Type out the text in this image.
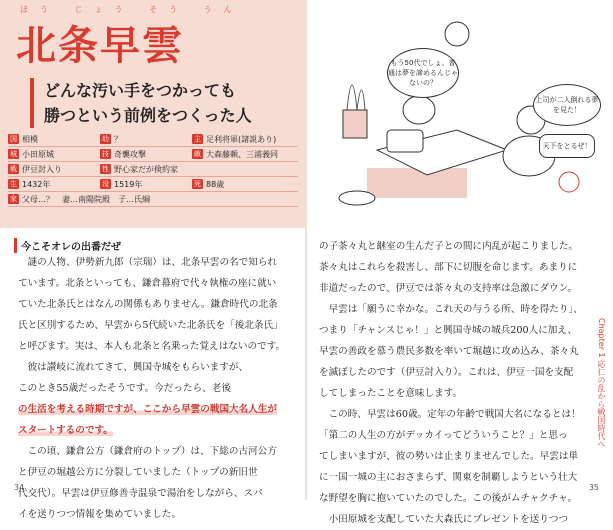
ほう じょう そう うん
北条早雲
どんな汚い手をつかっても
勝つという前例をつくった人
国 相模	幼 ？	主 足利将軍(諸説あり)
城 小田原城	技 奇襲攻撃	敵 大森藤頼、三浦義同
戦 伊豆討入り	性 野心家だが倹約家
生 1432年	没 1519年	死 88歳
家 父母…？　妻…南陽院殿　子…氏綱
今こそオレの出番だぜ

　謎の人物、伊勢新九郎（宗瑞）は、北条早雲の名で知られ

ています。北条といっても、鎌倉幕府で代々執権の座に就い

ていた北条氏とはなんの関係もありません。鎌倉時代の北条

氏と区別するため、早雲から5代続いた北条氏を「後北条氏」

と呼びます。実は、本人も北条と名乗った覚えはないのです。

　彼は讃岐に流れてきて、興国寺城をもらいますが、

このとき55歳だったそうです。今だったら、老後

の生活を考える時期ですが、ここから早雲の戦国大名人生が

スタートするのです。

　この頃、鎌倉公方（鎌倉府のトップ）は、下総の古河公方

と伊豆の堀越公方に分裂していました（トップの新旧世

代交代）。早雲は伊豆修善寺温泉で湯治をしながら、スパ

イを送りつつ情報を集めていました。

34
もう50代でしょ。普通は夢を諦めるんじゃないの？
上司が二人倒れる夢を見た！
天下をとるぜ！

の子茶々丸と継室の生んだ子との間に内乱が起こりました。

茶々丸はこれらを殺害し、部下に切腹を命じます。あまりに

非道だったので、伊豆では茶々丸の支持率は急激にダウン。

　早雲は「願うに幸かな。これ天の与うる所、時を得たり」、

つまり「チャンスじゃ！」と興国寺城の城兵200人に加え、

早雲の善政を慕う農民多数を率いて堀越に攻め込み、茶々丸

を滅ぼしたのです（伊豆討入り）。これは、伊豆一国を支配

してしまったことを意味します。

　この時、早雲は60歳。定年の年齢で戦国大名になるとは！

「第二の人生の方がデッカイってどういうこと？」と思っ

てしまいますが、彼の勢いは止まりませんでした。早雲は単

に一国一城の主におさまらず、関東を制覇しようという壮大

な野望を胸に抱いていたのでした。この後がムチャクチャ。

　小田原城を支配していた大森氏にプレゼントを送りつつ

Chapter 1 応仁の乱から戦国時代へ
35
